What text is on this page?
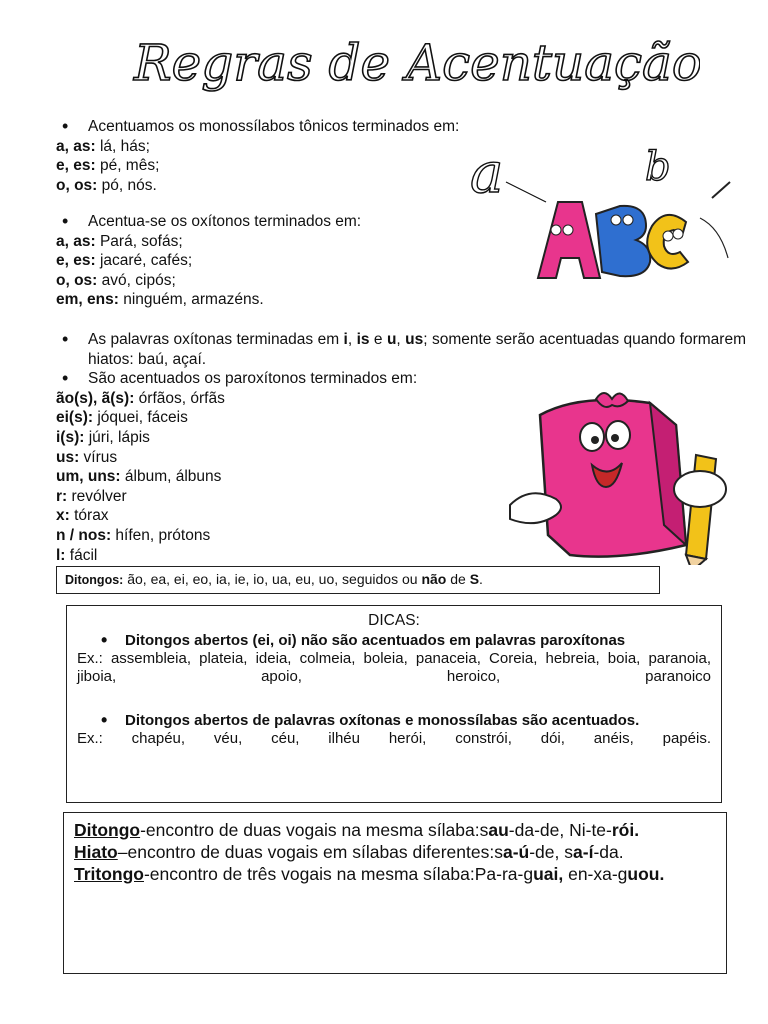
Regras de Acentuação
• Acentuamos os monossílabos tônicos terminados em:
a, as: lá, hás;
e, es: pé, mês;
o, os: pó, nós.
• Acentua-se os oxítonos terminados em:
a, as: Pará, sofás;
e, es: jacaré, cafés;
o, os: avó, cipós;
em, ens: ninguém, armazéns.
a	b
• As palavras oxítonas terminadas em i, is e u, us; somente serão acentuadas quando formarem hiatos: baú, açaí.
• São acentuados os paroxítonos terminados em:
ão(s), ã(s): órfãos, órfãs
ei(s): jóquei, fáceis
i(s): júri, lápis
us: vírus
um, uns: álbum, álbuns
r: revólver
x: tórax
n / nos: hífen, prótons
l: fácil
Ditongos: ão, ea, ei, eo, ia, ie, io, ua, eu, uo, seguidos ou não de S.
DICAS:
• Ditongos abertos (ei, oi) não são acentuados em palavras paroxítonas
Ex.: assembleia, plateia, ideia, colmeia, boleia, panaceia, Coreia, hebreia, boia, paranoia, jiboia, apoio, heroico, paranoico
• Ditongos abertos de palavras oxítonas e monossílabas são acentuados.
Ex.: chapéu, véu, céu, ilhéu herói, constrói, dói, anéis, papéis.
Ditongo-encontro de duas vogais na mesma sílaba:sau-da-de, Ni-te-rói.
Hiato–encontro de duas vogais em sílabas diferentes:sa-ú-de, sa-í-da.
Tritongo-encontro de três vogais na mesma sílaba:Pa-ra-guai, en-xa-guou.
